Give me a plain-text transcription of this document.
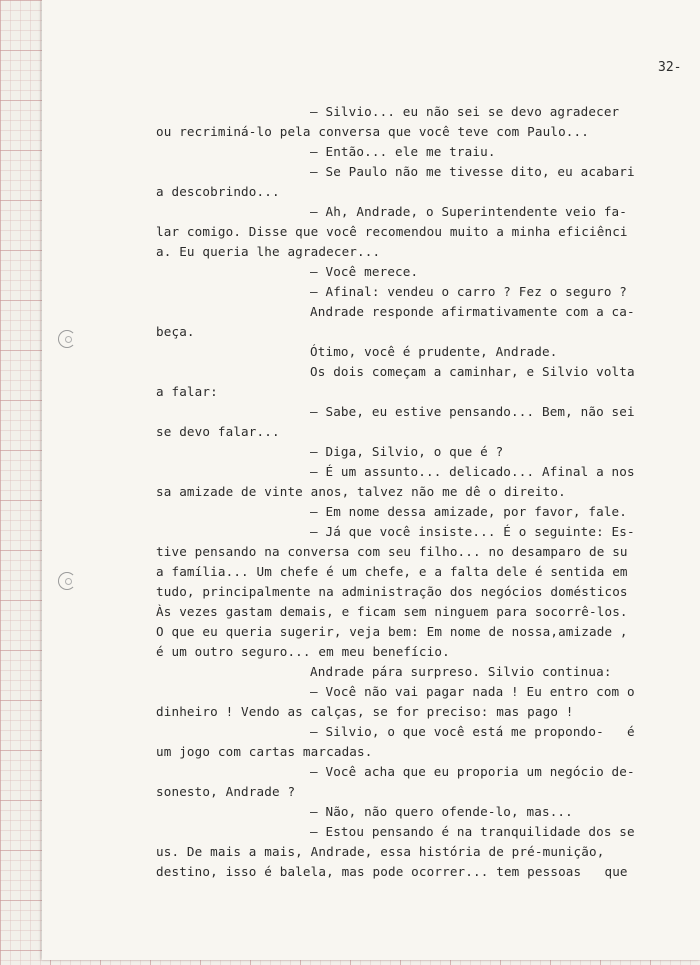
32-
– Silvio... eu não sei se devo agradecer
ou recriminá-lo pela conversa que você teve com Paulo...
– Então... ele me traiu.
– Se Paulo não me tivesse dito, eu acabari
a descobrindo...
– Ah, Andrade, o Superintendente veio fa-
lar comigo. Disse que você recomendou muito a minha eficiênci
a. Eu queria lhe agradecer...
– Você merece.
– Afinal: vendeu o carro ? Fez o seguro ?
Andrade responde afirmativamente com a ca-
beça.
Ótimo, você é prudente, Andrade.
Os dois começam a caminhar, e Silvio volta
a falar:
– Sabe, eu estive pensando... Bem, não sei
se devo falar...
– Diga, Silvio, o que é ?
– É um assunto... delicado... Afinal a nos
sa amizade de vinte anos, talvez não me dê o direito.
– Em nome dessa amizade, por favor, fale.
– Já que você insiste... É o seguinte: Es-
tive pensando na conversa com seu filho... no desamparo de su
a família... Um chefe é um chefe, e a falta dele é sentida em
tudo, principalmente na administração dos negócios domésticos
Às vezes gastam demais, e ficam sem ninguem para socorrê-los.
O que eu queria sugerir, veja bem: Em nome de nossa,amizade ,
é um outro seguro... em meu benefício.
Andrade pára surpreso. Silvio continua:
– Você não vai pagar nada ! Eu entro com o
dinheiro ! Vendo as calças, se for preciso: mas pago !
– Silvio, o que você está me propondo-   é
um jogo com cartas marcadas.
– Você acha que eu proporia um negócio de-
sonesto, Andrade ?
– Não, não quero ofende-lo, mas...
– Estou pensando é na tranquilidade dos se
us. De mais a mais, Andrade, essa história de pré-munição,
destino, isso é balela, mas pode ocorrer... tem pessoas   que
